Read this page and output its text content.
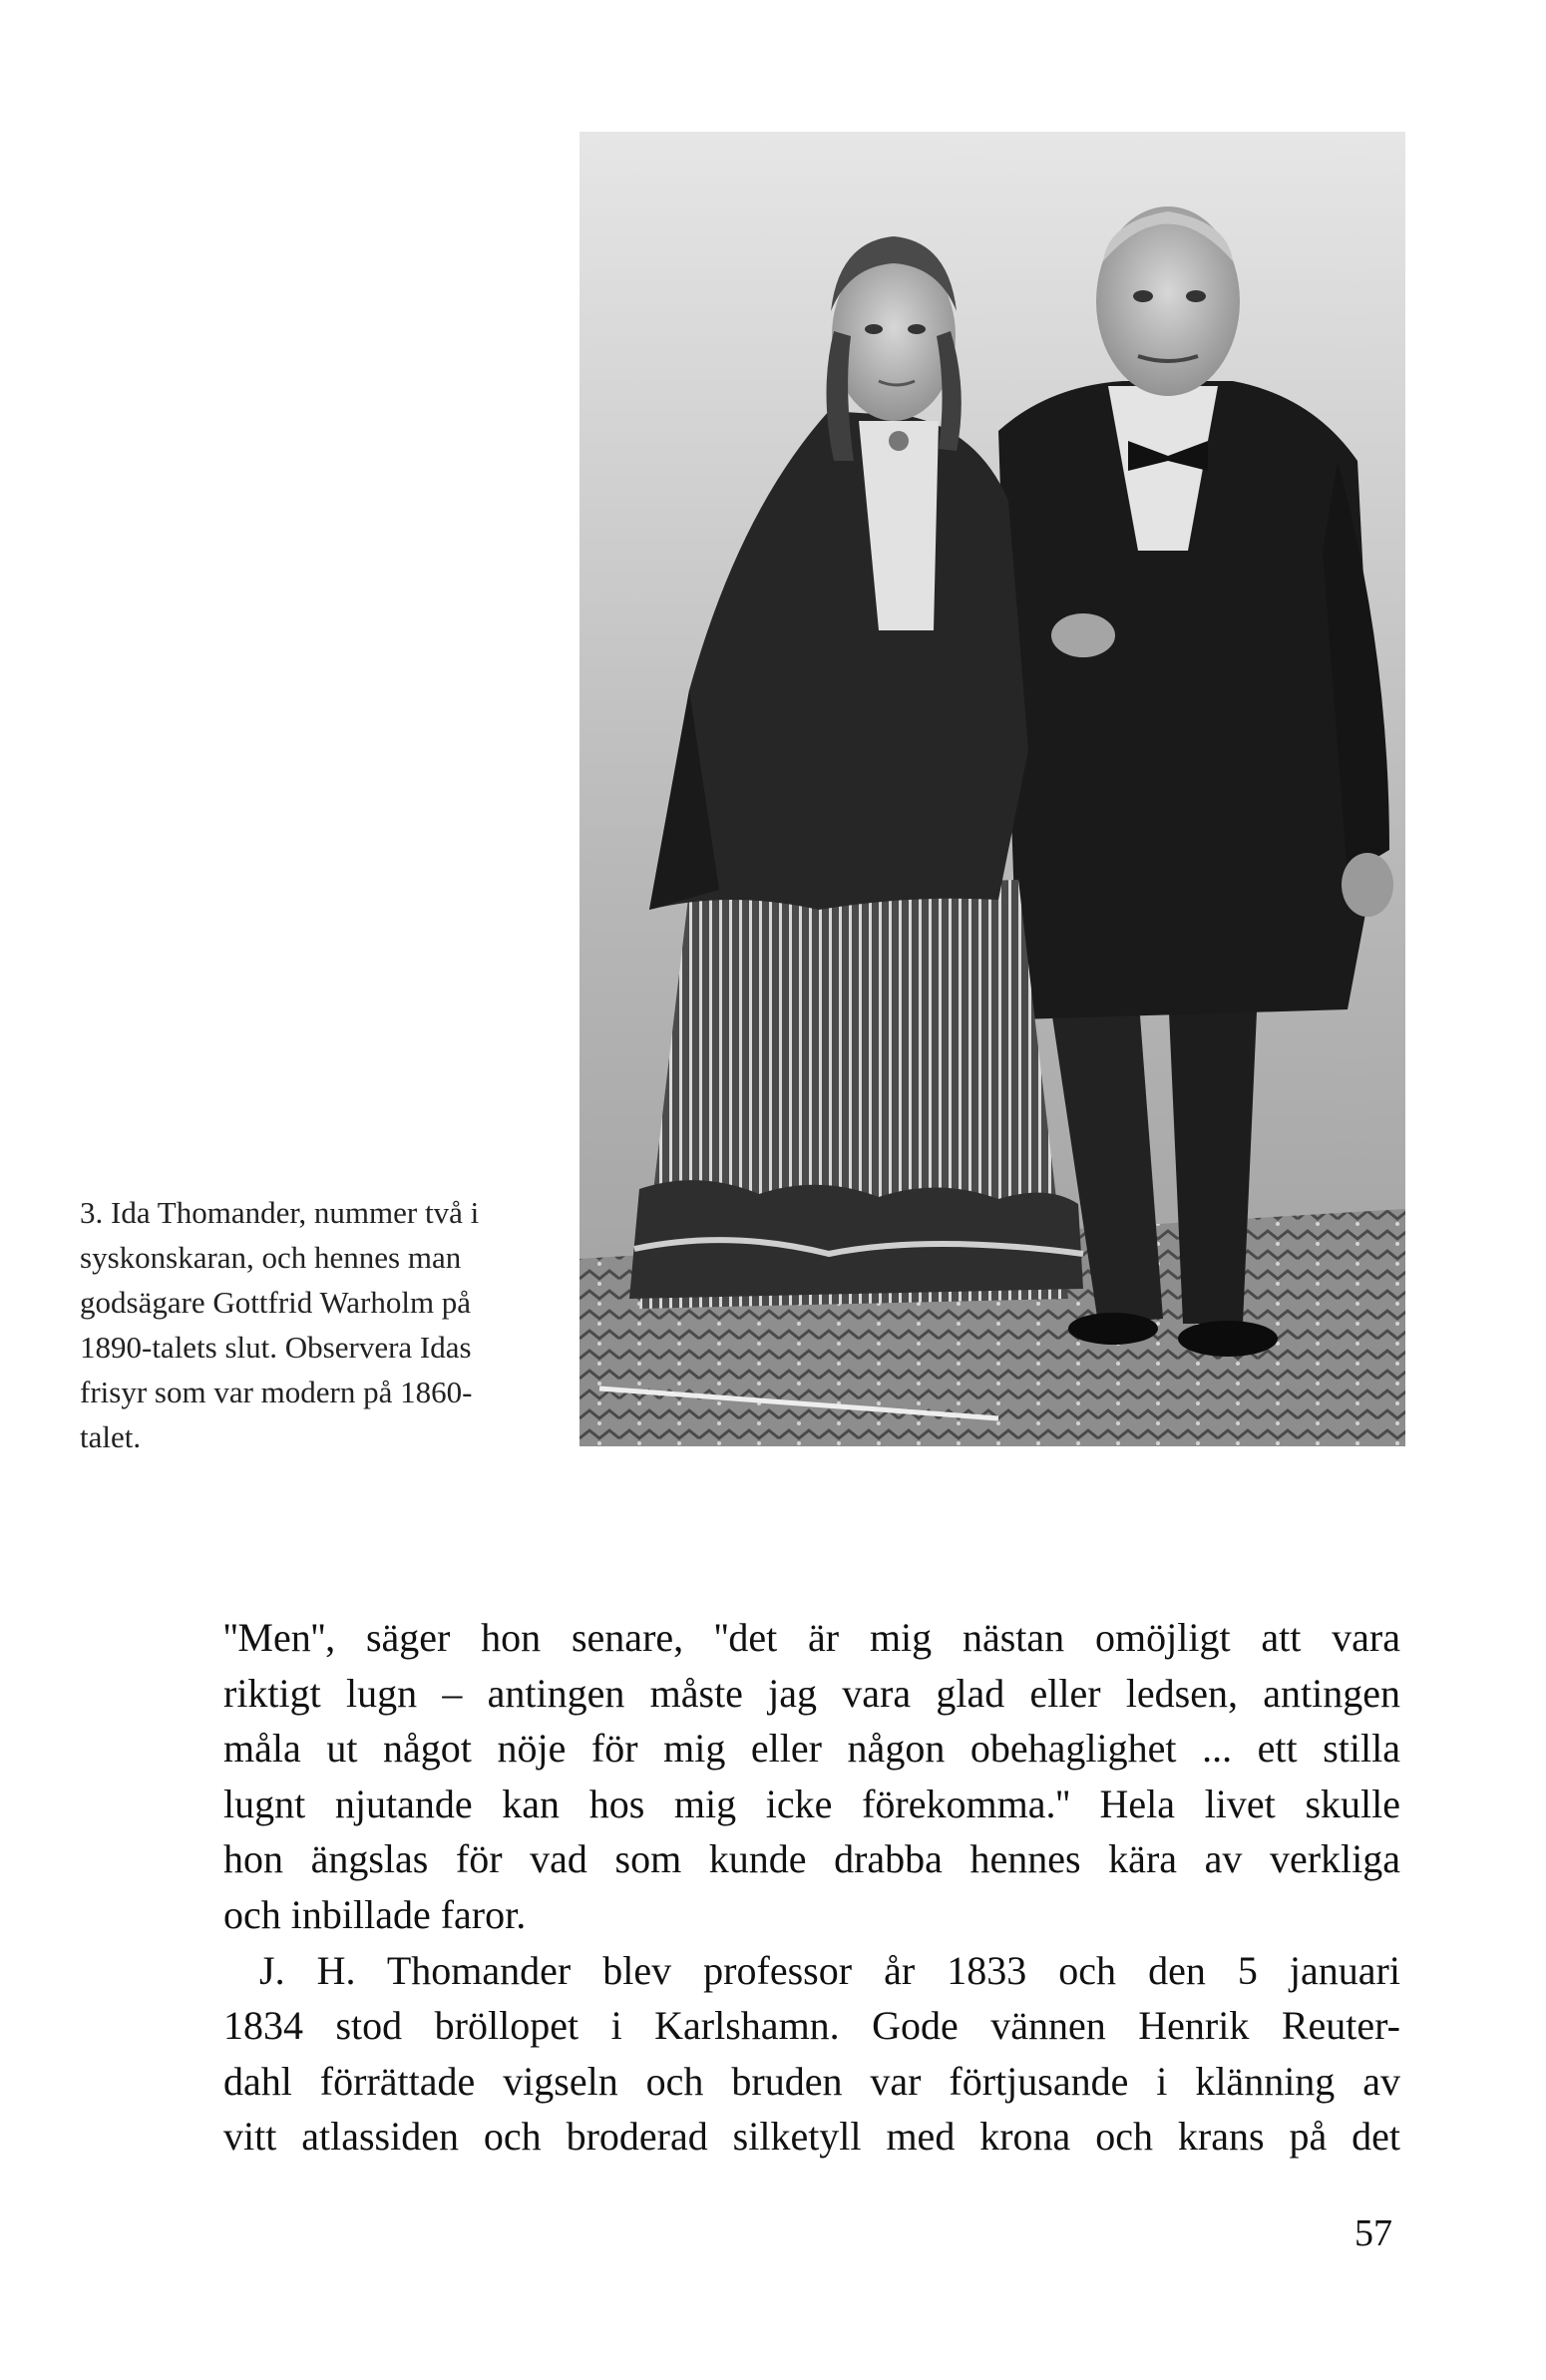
3. Ida Thomander, nummer två i
syskonskaran, och hennes man
godsägare Gottfrid Warholm på
1890-talets slut. Observera Idas
frisyr som var modern på 1860-
talet.
''Men'', säger hon senare, ''det är mig nästan omöjligt att vara
riktigt lugn – antingen måste jag vara glad eller ledsen, antingen
måla ut något nöje för mig eller någon obehaglighet ... ett stilla
lugnt njutande kan hos mig icke förekomma.'' Hela livet skulle
hon ängslas för vad som kunde drabba hennes kära av verkliga
och inbillade faror.
J. H. Thomander blev professor år 1833 och den 5 januari
1834 stod bröllopet i Karlshamn. Gode vännen Henrik Reuter-
dahl förrättade vigseln och bruden var förtjusande i klänning av
vitt atlassiden och broderad silketyll med krona och krans på det
57
